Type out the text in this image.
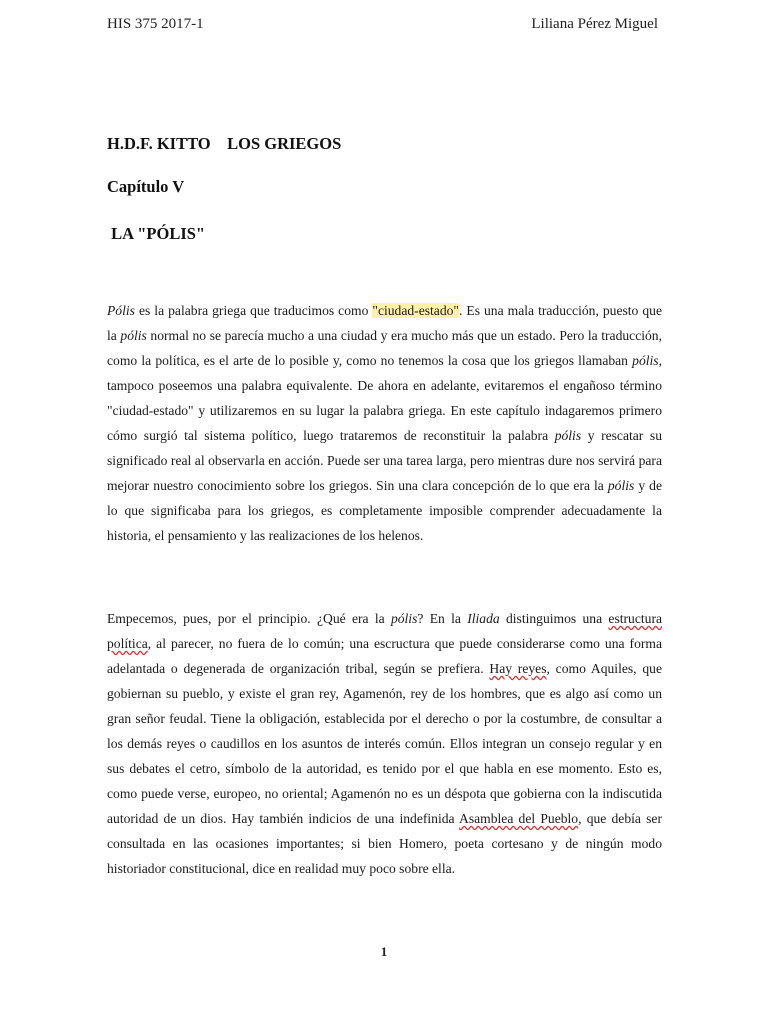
HIS 375 2017-1	Liliana Pérez Miguel
H.D.F. KITTO    LOS GRIEGOS
Capítulo V
LA "PÓLIS"
Pólis es la palabra griega que traducimos como "ciudad-estado". Es una mala traducción, puesto que la pólis normal no se parecía mucho a una ciudad y era mucho más que un estado. Pero la traducción, como la política, es el arte de lo posible y, como no tenemos la cosa que los griegos llamaban pólis, tampoco poseemos una palabra equivalente. De ahora en adelante, evitaremos el engañoso término "ciudad-estado" y utilizaremos en su lugar la palabra griega. En este capítulo indagaremos primero cómo surgió tal sistema político, luego trataremos de reconstituir la palabra pólis y rescatar su significado real al observarla en acción. Puede ser una tarea larga, pero mientras dure nos servirá para mejorar nuestro conocimiento sobre los griegos. Sin una clara concepción de lo que era la pólis y de lo que significaba para los griegos, es completamente imposible comprender adecuadamente la historia, el pensamiento y las realizaciones de los helenos.
Empecemos, pues, por el principio. ¿Qué era la pólis? En la Iliada distinguimos una estructura política, al parecer, no fuera de lo común; una escructura que puede considerarse como una forma adelantada o degenerada de organización tribal, según se prefiera. Hay reyes, como Aquiles, que gobiernan su pueblo, y existe el gran rey, Agamenón, rey de los hombres, que es algo así como un gran señor feudal. Tiene la obligación, establecida por el derecho o por la costumbre, de consultar a los demás reyes o caudillos en los asuntos de interés común. Ellos integran un consejo regular y en sus debates el cetro, símbolo de la autoridad, es tenido por el que habla en ese momento. Esto es, como puede verse, europeo, no oriental; Agamenón no es un déspota que gobierna con la indiscutida autoridad de un dios. Hay también indicios de una indefinida Asamblea del Pueblo, que debía ser consultada en las ocasiones importantes; si bien Homero, poeta cortesano y de ningún modo historiador constitucional, dice en realidad muy poco sobre ella.
1
